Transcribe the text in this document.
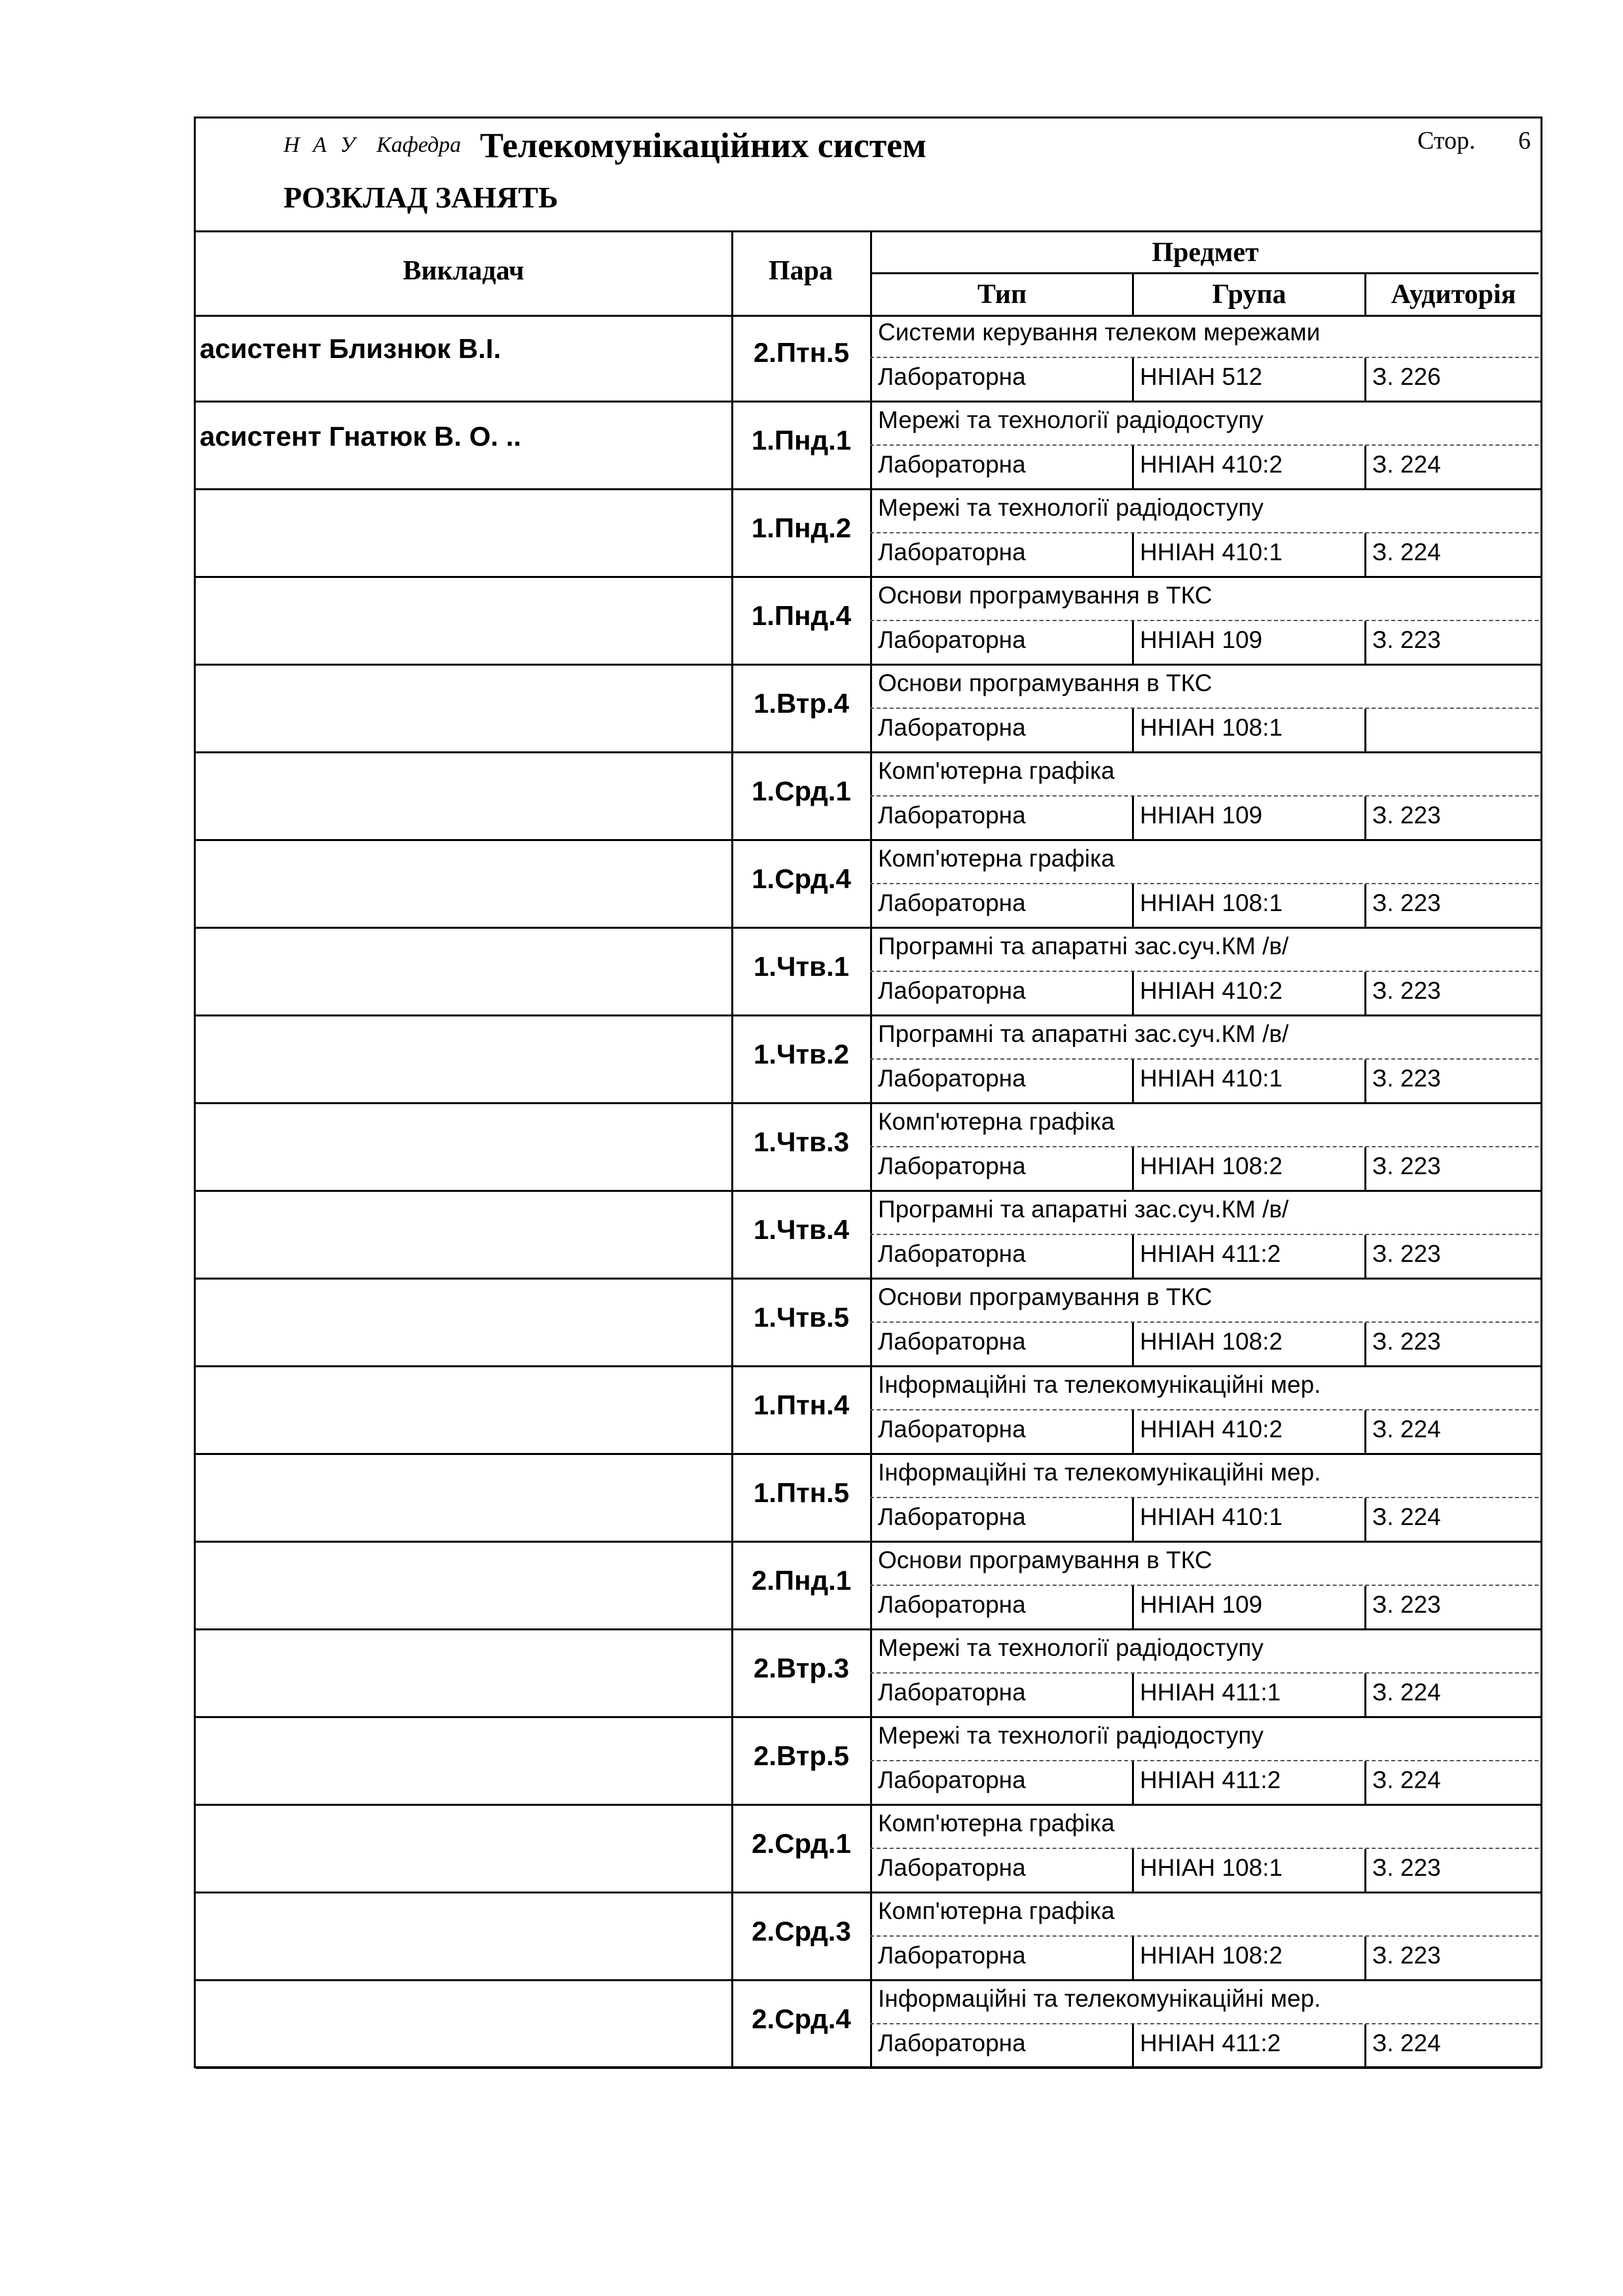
Н А У Кафедра Телекомунікаційних систем
РОЗКЛАД ЗАНЯТЬ
Стор. 6
Викладач	Пара
Предмет
Тип	Група	Аудиторія
асистент Близнюк В.І.	2.Птн.5
Системи керування телеком мережами
Лабораторна	ННІАН 512	З. 226
асистент Гнатюк В. О. ..	1.Пнд.1
Мережі та технології радіодоступу
Лабораторна	ННІАН 410:2	З. 224
1.Пнд.2
Мережі та технології радіодоступу
Лабораторна	ННІАН 410:1	З. 224
1.Пнд.4
Основи програмування в ТКС
Лабораторна	ННІАН 109	З. 223
1.Втр.4
Основи програмування в ТКС
Лабораторна	ННІАН 108:1
1.Срд.1
Комп'ютерна графіка
Лабораторна	ННІАН 109	З. 223
1.Срд.4
Комп'ютерна графіка
Лабораторна	ННІАН 108:1	З. 223
1.Чтв.1
Програмні та апаратні зас.суч.КМ /в/
Лабораторна	ННІАН 410:2	З. 223
1.Чтв.2
Програмні та апаратні зас.суч.КМ /в/
Лабораторна	ННІАН 410:1	З. 223
1.Чтв.3
Комп'ютерна графіка
Лабораторна	ННІАН 108:2	З. 223
1.Чтв.4
Програмні та апаратні зас.суч.КМ /в/
Лабораторна	ННІАН 411:2	З. 223
1.Чтв.5
Основи програмування в ТКС
Лабораторна	ННІАН 108:2	З. 223
1.Птн.4
Інформаційні та телекомунікаційні мер.
Лабораторна	ННІАН 410:2	З. 224
1.Птн.5
Інформаційні та телекомунікаційні мер.
Лабораторна	ННІАН 410:1	З. 224
2.Пнд.1
Основи програмування в ТКС
Лабораторна	ННІАН 109	З. 223
2.Втр.3
Мережі та технології радіодоступу
Лабораторна	ННІАН 411:1	З. 224
2.Втр.5
Мережі та технології радіодоступу
Лабораторна	ННІАН 411:2	З. 224
2.Срд.1
Комп'ютерна графіка
Лабораторна	ННІАН 108:1	З. 223
2.Срд.3
Комп'ютерна графіка
Лабораторна	ННІАН 108:2	З. 223
2.Срд.4
Інформаційні та телекомунікаційні мер.
Лабораторна	ННІАН 411:2	З. 224
